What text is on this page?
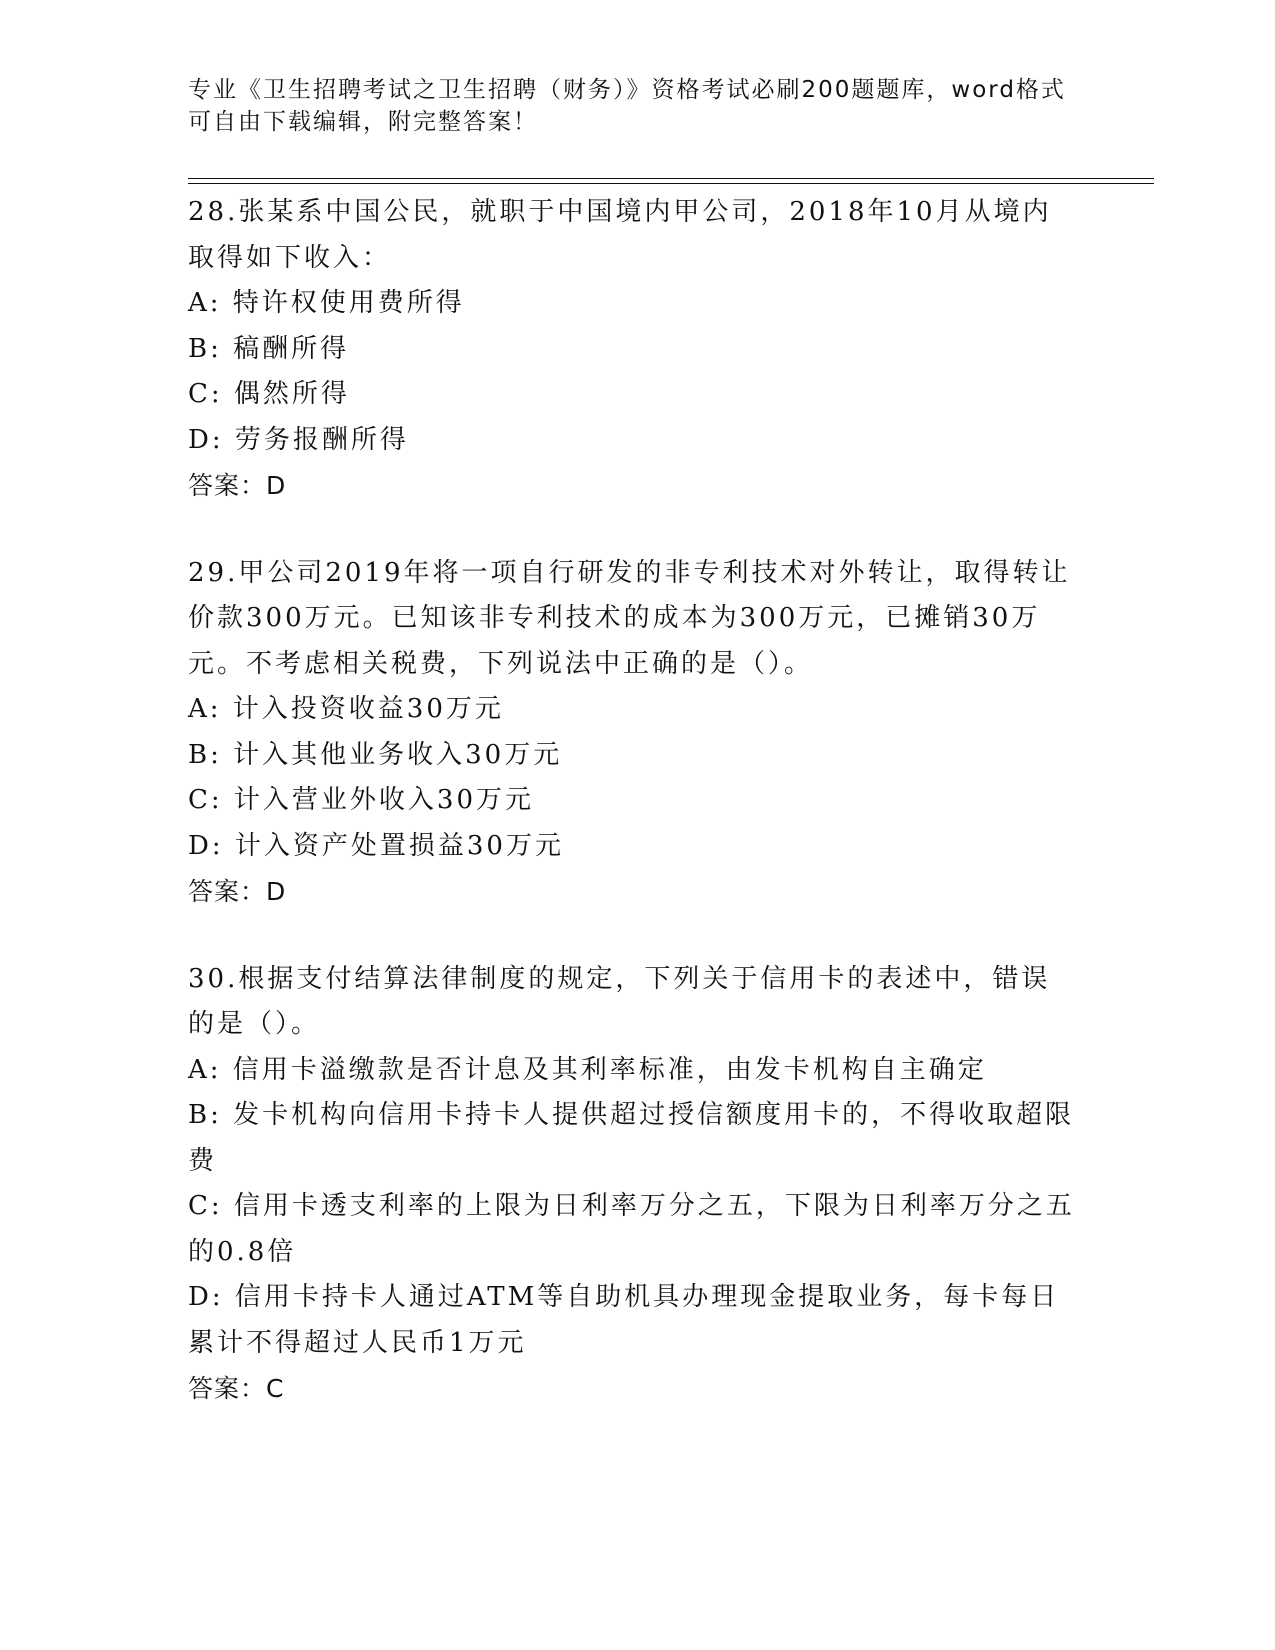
专业《卫生招聘考试之卫生招聘（财务）》资格考试必刷200题题库，word格式
可自由下载编辑，附完整答案！
28.张某系中国公民，就职于中国境内甲公司，2018年10月从境内取得如下收入：
A: 特许权使用费所得
B: 稿酬所得
C: 偶然所得
D: 劳务报酬所得
答案：D
29.甲公司2019年将一项自行研发的非专利技术对外转让，取得转让价款300万元。已知该非专利技术的成本为300万元，已摊销30万元。不考虑相关税费，下列说法中正确的是（）。
A: 计入投资收益30万元
B: 计入其他业务收入30万元
C: 计入营业外收入30万元
D: 计入资产处置损益30万元
答案：D
30.根据支付结算法律制度的规定，下列关于信用卡的表述中，错误的是（）。
A: 信用卡溢缴款是否计息及其利率标准，由发卡机构自主确定
B: 发卡机构向信用卡持卡人提供超过授信额度用卡的，不得收取超限费
C: 信用卡透支利率的上限为日利率万分之五，下限为日利率万分之五的0.8倍
D: 信用卡持卡人通过ATM等自助机具办理现金提取业务，每卡每日累计不得超过人民币1万元
答案：C
